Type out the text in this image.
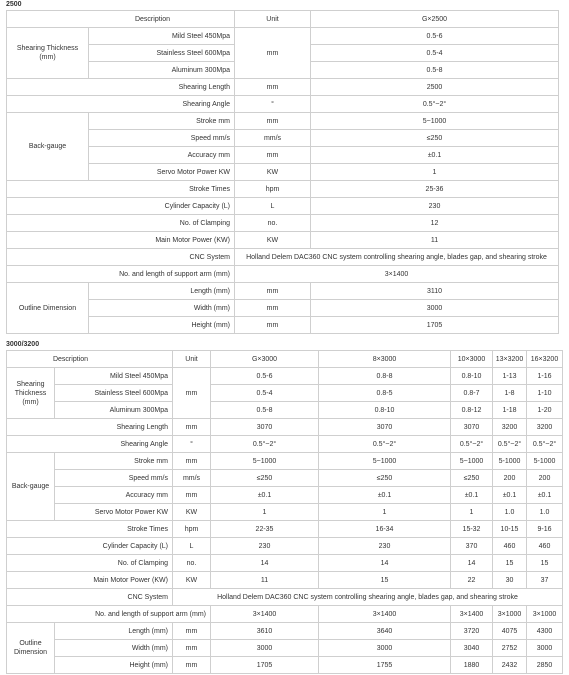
2500
Description		Unit	G×2500
Shearing Thickness (mm)	Mild Steel 450Mpa	mm	0.5-6
	Stainless Steel 600Mpa		0.5-4
	Aluminum 300Mpa		0.5-8
Shearing Length		mm	2500
Shearing Angle		°	0.5°~2°
Back-gauge	Stroke mm	mm	5~1000
	Speed mm/s	mm/s	≤250
	Accuracy mm	mm	±0.1
	Servo Motor Power KW	KW	1
Stroke Times		hpm	25-36
Cylinder Capacity (L)		L	230
No. of Clamping		no.	12
Main Motor Power (KW)		KW	11
CNC System		Holland Delem DAC360 CNC system controlling shearing angle, blades gap, and shearing stroke	
No. and length of support arm (mm)		3×1400	
Outline Dimension	Length (mm)	mm	3110
	Width (mm)	mm	3000
	Height (mm)	mm	1705
3000/3200
Description		Unit	G×3000	8×3000	10×3000	13×3200	16×3200
Shearing Thickness (mm)	Mild Steel 450Mpa	mm	0.5-6	0.8-8	0.8-10	1-13	1-16
	Stainless Steel 600Mpa		0.5-4	0.8-5	0.8-7	1-8	1-10
	Aluminum 300Mpa		0.5-8	0.8-10	0.8-12	1-18	1-20
Shearing Length		mm	3070	3070	3070	3200	3200
Shearing Angle		°	0.5°~2°	0.5°~2°	0.5°~2°	0.5°~2°	0.5°~2°
Back-gauge	Stroke mm	mm	5~1000	5~1000	5~1000	5-1000	5-1000
	Speed mm/s	mm/s	≤250	≤250	≤250	200	200
	Accuracy mm	mm	±0.1	±0.1	±0.1	±0.1	±0.1
	Servo Motor Power KW	KW	1	1	1	1.0	1.0
Stroke Times		hpm	22-35	16-34	15-32	10-15	9-16
Cylinder Capacity (L)		L	230	230	370	460	460
No. of Clamping		no.	14	14	14	15	15
Main Motor Power (KW)		KW	11	15	22	30	37
CNC System		Holland Delem DAC360 CNC system controlling shearing angle, blades gap, and shearing stroke					
No. and length of support arm (mm)			3×1400	3×1400	3×1400	3×1000	3×1000
Outline Dimension	Length (mm)	mm	3610	3640	3720	4075	4300
	Width (mm)	mm	3000	3000	3040	2752	3000
	Height (mm)	mm	1705	1755	1880	2432	2850
